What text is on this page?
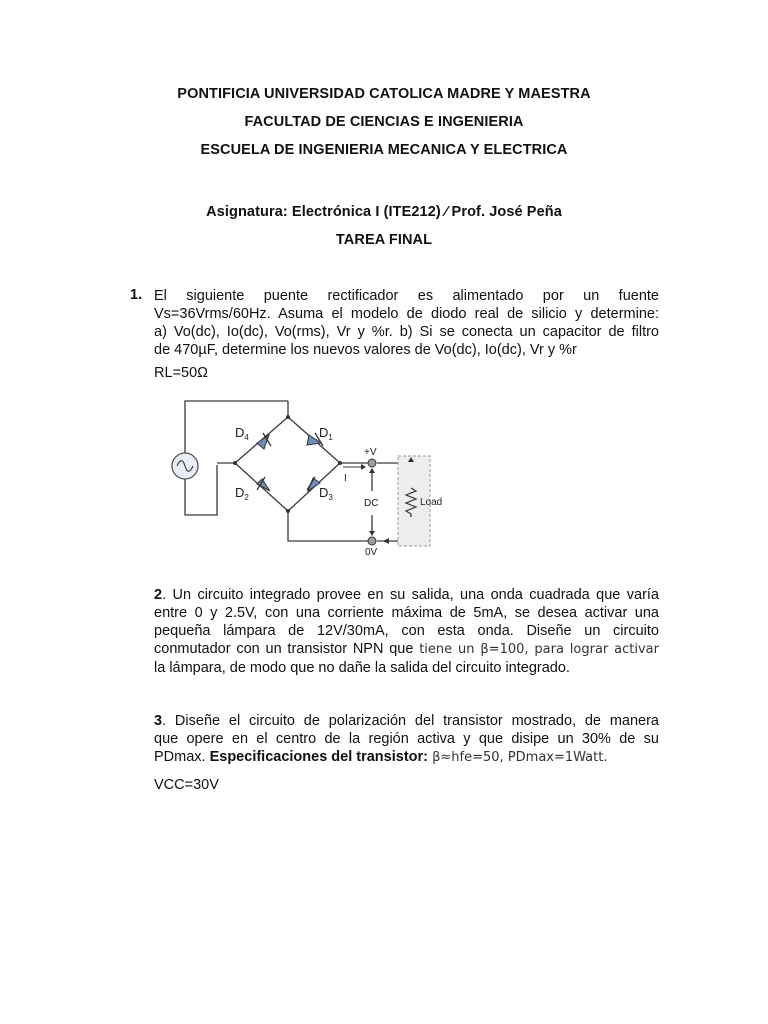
PONTIFICIA UNIVERSIDAD CATOLICA MADRE Y MAESTRA
FACULTAD DE CIENCIAS E INGENIERIA
ESCUELA DE INGENIERIA MECANICA Y ELECTRICA
Asignatura: Electrónica I (ITE212) ⁄ Prof. José Peña
TAREA FINAL
1. El siguiente puente rectificador es alimentado por un fuente
Vs=36Vrms/60Hz. Asuma el modelo de diodo real de silicio y determine:
a) Vo(dc), Io(dc), Vo(rms), Vr y %r. b) Si se conecta un capacitor de filtro
de 470µF, determine los nuevos valores de Vo(dc), Io(dc), Vr y %r
RL=50Ω
$D_4$	$D_1$
$D_2$	$D_3$
+V
I
DC	Load
0V
2. Un circuito integrado provee en su salida, una onda cuadrada que varía
entre 0 y 2.5V, con una corriente máxima de 5mA, se desea activar una
pequeña lámpara de 12V/30mA, con esta onda. Diseñe un circuito
conmutador con un transistor NPN que tiene un β=100, para lograr activar
la lámpara, de modo que no dañe la salida del circuito integrado.
3. Diseñe el circuito de polarización del transistor mostrado, de manera
que opere en el centro de la región activa y que disipe un 30% de su
PDmax. Especificaciones del transistor: β≈hfe=50, PDmax=1Watt.
VCC=30V
